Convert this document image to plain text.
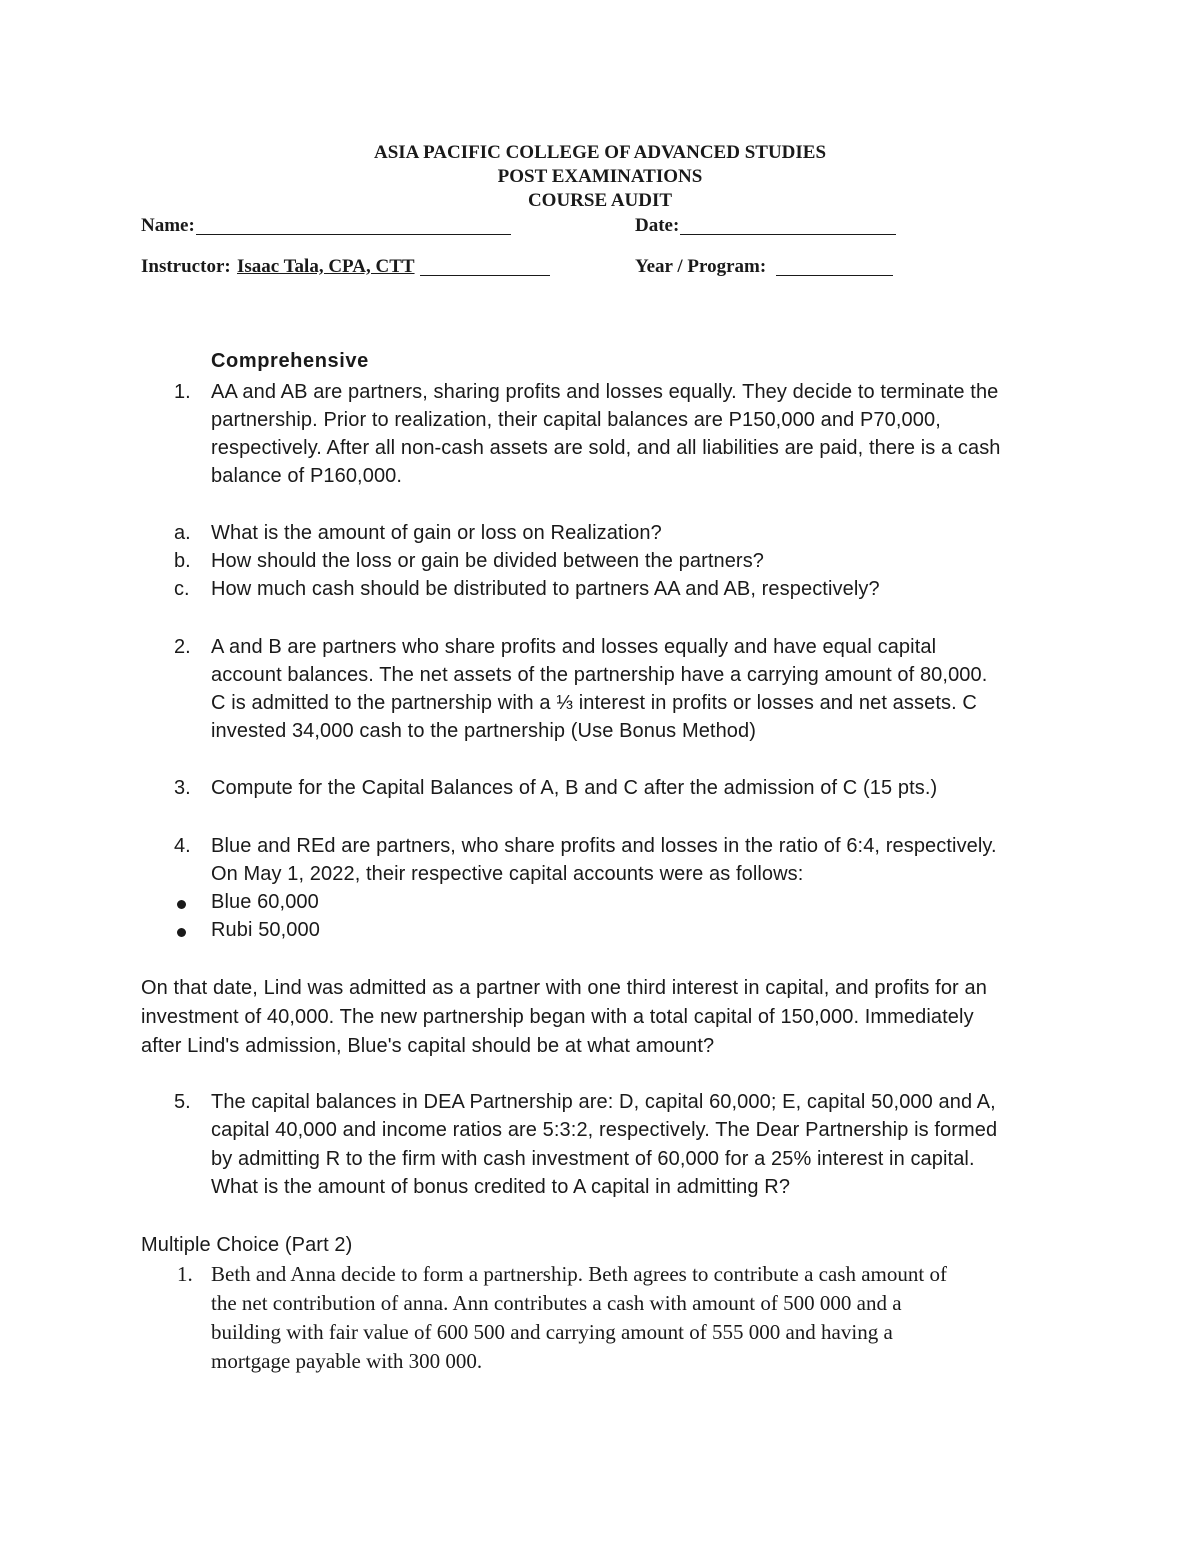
ASIA PACIFIC COLLEGE OF ADVANCED STUDIES
POST EXAMINATIONS
COURSE AUDIT
Name:	Date:
Instructor: Isaac Tala, CPA, CTT	Year / Program:
Comprehensive
1.	AA and AB are partners, sharing profits and losses equally. They decide to terminate the
partnership. Prior to realization, their capital balances are P150,000 and P70,000,
respectively. After all non-cash assets are sold, and all liabilities are paid, there is a cash
balance of P160,000.
a.	What is the amount of gain or loss on Realization?
b.	How should the loss or gain be divided between the partners?
c.	How much cash should be distributed to partners AA and AB, respectively?
2.	A and B are partners who share profits and losses equally and have equal capital
account balances. The net assets of the partnership have a carrying amount of 80,000.
C is admitted to the partnership with a ⅓ interest in profits or losses and net assets. C
invested 34,000 cash to the partnership (Use Bonus Method)
3.	Compute for the Capital Balances of A, B and C after the admission of C (15 pts.)
4.	Blue and REd are partners, who share profits and losses in the ratio of 6:4, respectively.
On May 1, 2022, their respective capital accounts were as follows:
Blue 60,000
Rubi 50,000
On that date, Lind was admitted as a partner with one third interest in capital, and profits for an
investment of 40,000. The new partnership began with a total capital of 150,000. Immediately
after Lind's admission, Blue's capital should be at what amount?
5.	The capital balances in DEA Partnership are: D, capital 60,000; E, capital 50,000 and A,
capital 40,000 and income ratios are 5:3:2, respectively. The Dear Partnership is formed
by admitting R to the firm with cash investment of 60,000 for a 25% interest in capital.
What is the amount of bonus credited to A capital in admitting R?
Multiple Choice (Part 2)
1. Beth and Anna decide to form a partnership. Beth agrees to contribute a cash amount of
the net contribution of anna. Ann contributes a cash with amount of 500 000 and a
building with fair value of 600 500 and carrying amount of 555 000 and having a
mortgage payable with 300 000.
